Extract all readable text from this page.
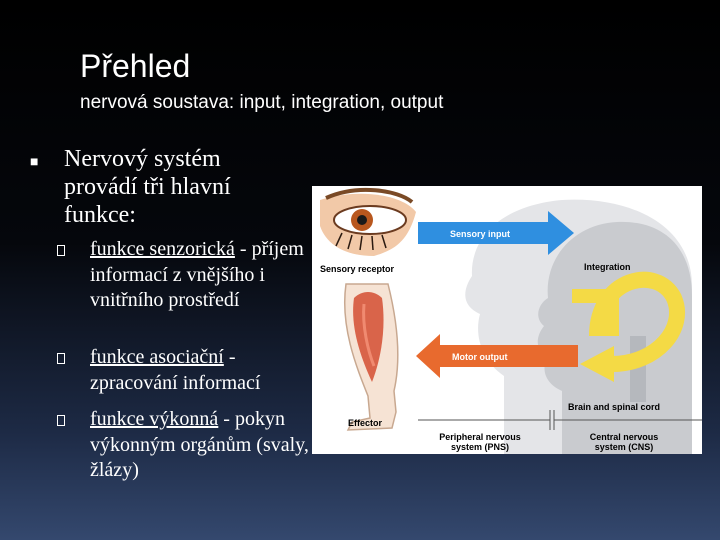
Přehled
nervová soustava: input, integration, output
■ Nervový systém provádí tři hlavní funkce:
funkce senzorická - příjem informací z vnějšího i vnitřního prostředí
funkce asociační - zpracování informací
funkce výkonná - pokyn výkonným orgánům (svaly, žlázy)
Sensory input
Motor output
Sensory receptor
Effector
Integration
Brain and spinal cord
Peripheral nervous
system (PNS)
Central nervous
system (CNS)
